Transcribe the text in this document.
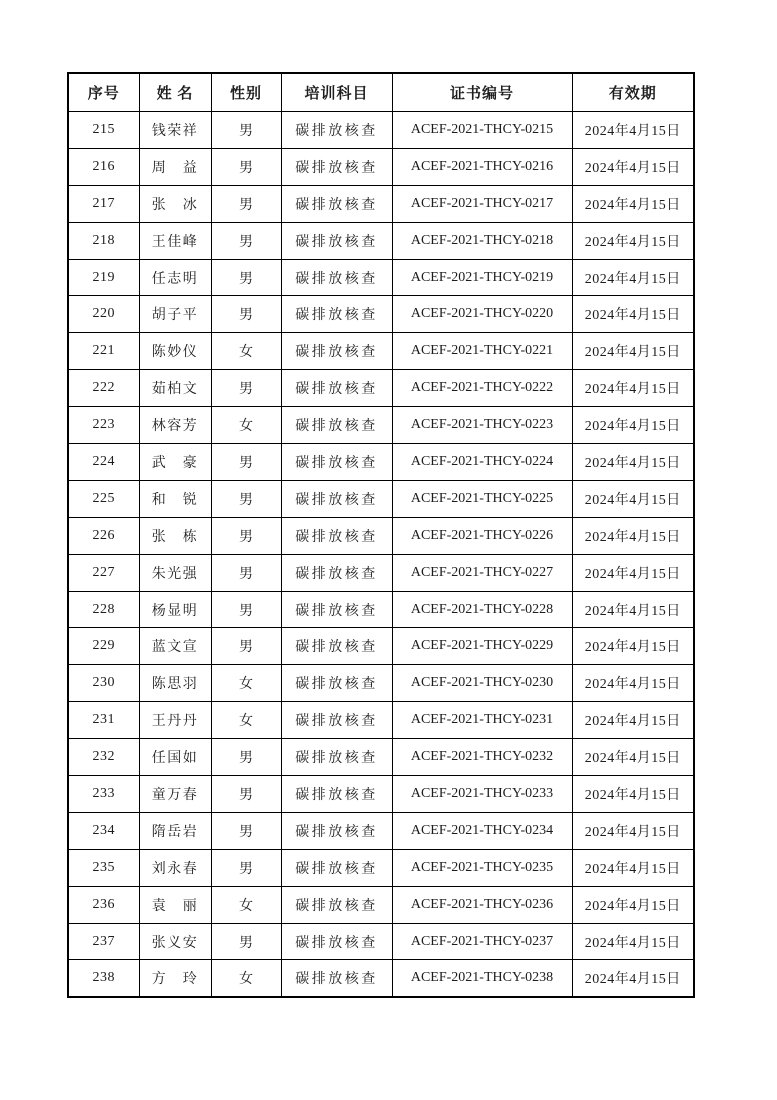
序号	姓 名	性别	培训科目	证书编号	有效期
215	钱荣祥	男	碳排放核查	ACEF-2021-THCY-0215	2024年4月15日
216	周　益	男	碳排放核查	ACEF-2021-THCY-0216	2024年4月15日
217	张　冰	男	碳排放核查	ACEF-2021-THCY-0217	2024年4月15日
218	王佳峰	男	碳排放核查	ACEF-2021-THCY-0218	2024年4月15日
219	任志明	男	碳排放核查	ACEF-2021-THCY-0219	2024年4月15日
220	胡子平	男	碳排放核查	ACEF-2021-THCY-0220	2024年4月15日
221	陈妙仪	女	碳排放核查	ACEF-2021-THCY-0221	2024年4月15日
222	茹柏文	男	碳排放核查	ACEF-2021-THCY-0222	2024年4月15日
223	林容芳	女	碳排放核查	ACEF-2021-THCY-0223	2024年4月15日
224	武　豪	男	碳排放核查	ACEF-2021-THCY-0224	2024年4月15日
225	和　锐	男	碳排放核查	ACEF-2021-THCY-0225	2024年4月15日
226	张　栋	男	碳排放核查	ACEF-2021-THCY-0226	2024年4月15日
227	朱光强	男	碳排放核查	ACEF-2021-THCY-0227	2024年4月15日
228	杨显明	男	碳排放核查	ACEF-2021-THCY-0228	2024年4月15日
229	蓝文宣	男	碳排放核查	ACEF-2021-THCY-0229	2024年4月15日
230	陈思羽	女	碳排放核查	ACEF-2021-THCY-0230	2024年4月15日
231	王丹丹	女	碳排放核查	ACEF-2021-THCY-0231	2024年4月15日
232	任国如	男	碳排放核查	ACEF-2021-THCY-0232	2024年4月15日
233	童万春	男	碳排放核查	ACEF-2021-THCY-0233	2024年4月15日
234	隋岳岩	男	碳排放核查	ACEF-2021-THCY-0234	2024年4月15日
235	刘永春	男	碳排放核查	ACEF-2021-THCY-0235	2024年4月15日
236	袁　丽	女	碳排放核查	ACEF-2021-THCY-0236	2024年4月15日
237	张义安	男	碳排放核查	ACEF-2021-THCY-0237	2024年4月15日
238	方　玲	女	碳排放核查	ACEF-2021-THCY-0238	2024年4月15日
